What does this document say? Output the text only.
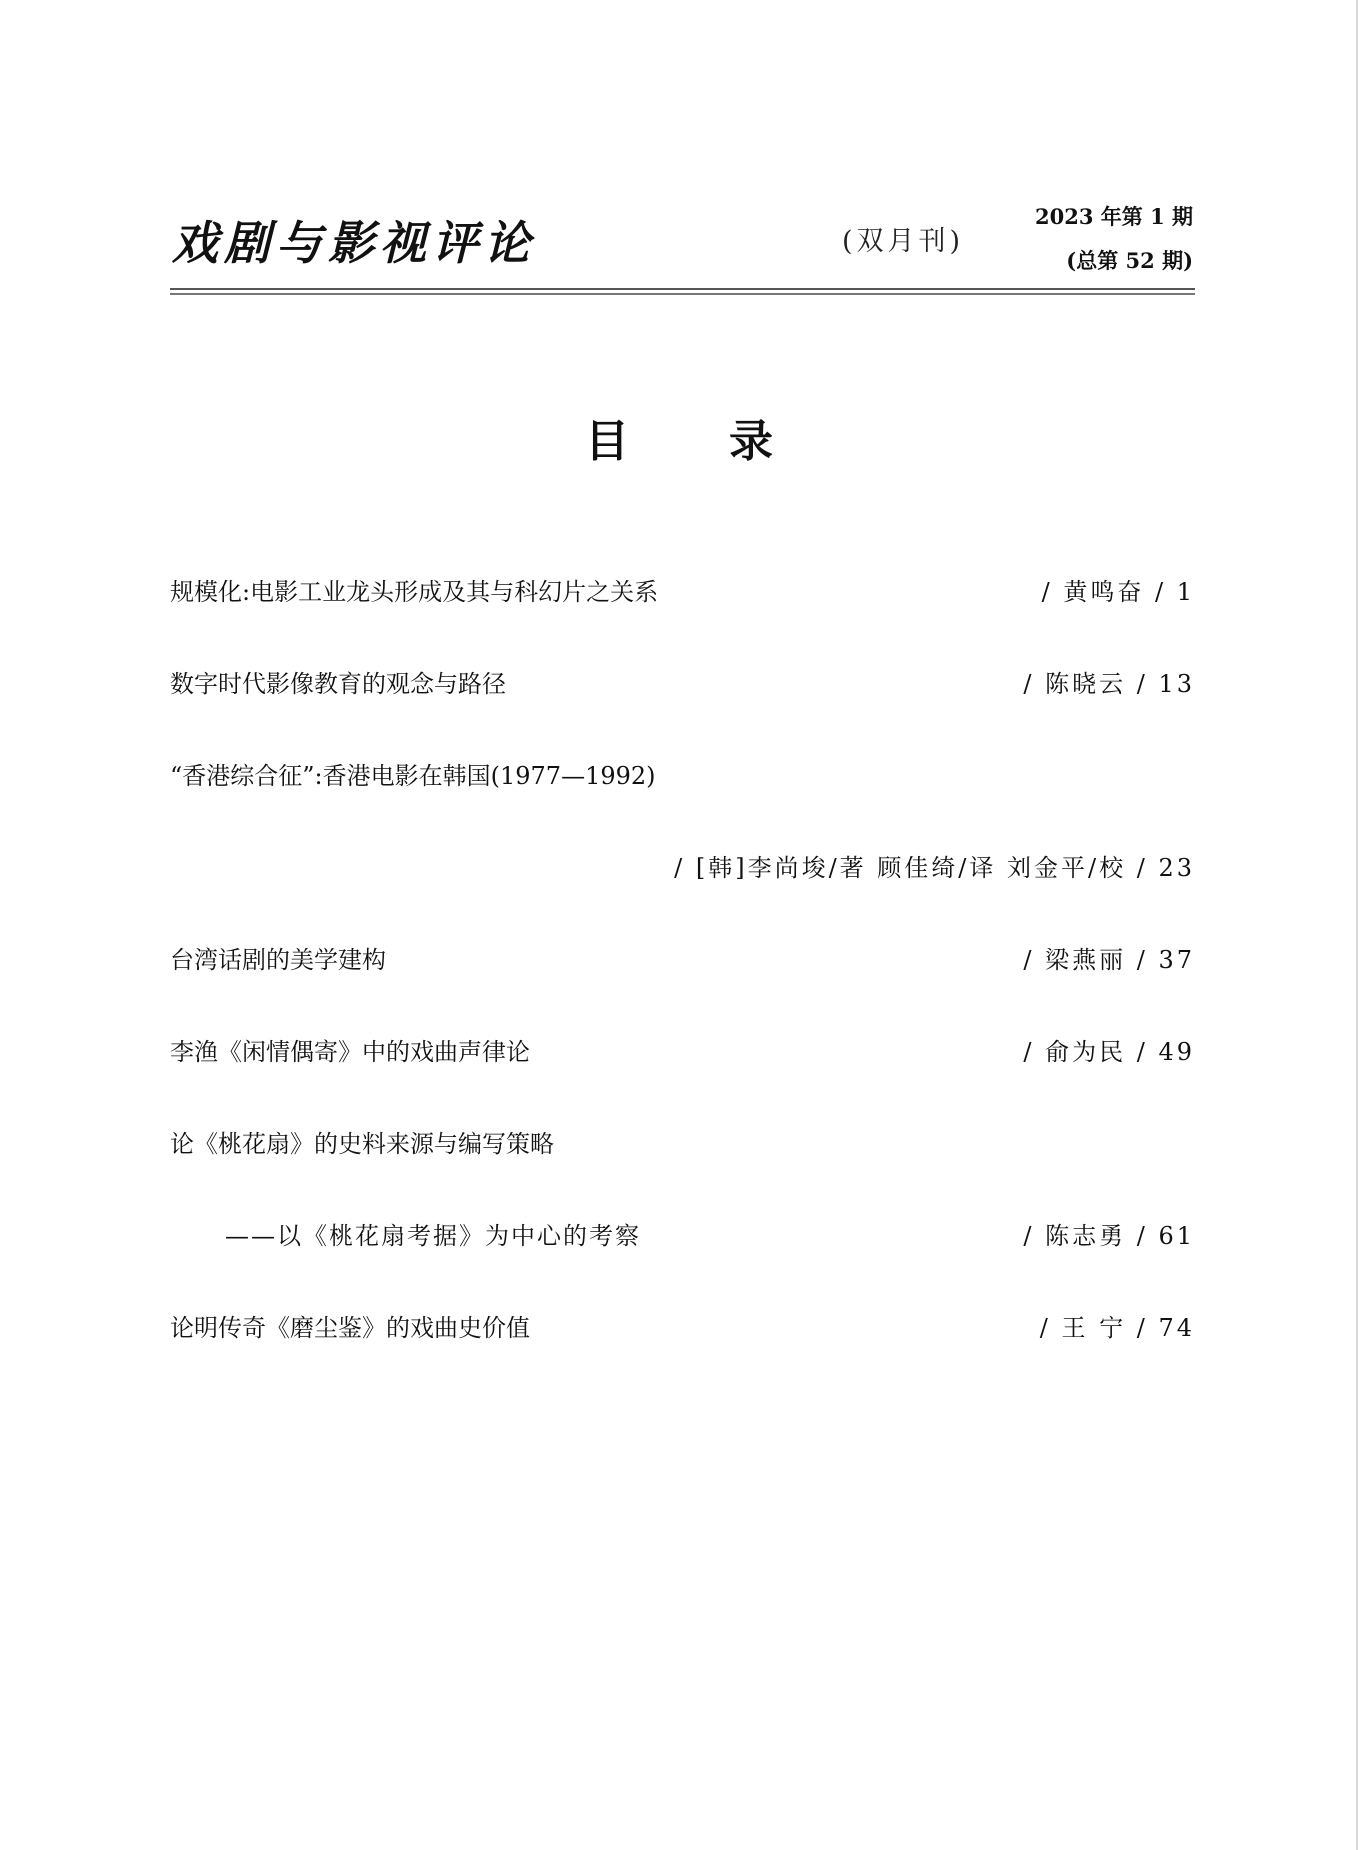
戏剧与影视评论	(双月刊)
2023 年第 1 期
(总第 52 期)
目录
规模化:电影工业龙头形成及其与科幻片之关系	/ 黄鸣奋 / 1
数字时代影像教育的观念与路径	/ 陈晓云 / 13
“香港综合征”:香港电影在韩国(1977—1992)
/ [韩]李尚埈/著 顾佳绮/译 刘金平/校 / 23
台湾话剧的美学建构	/ 梁燕丽 / 37
李渔《闲情偶寄》中的戏曲声律论	/ 俞为民 / 49
论《桃花扇》的史料来源与编写策略
——以《桃花扇考据》为中心的考察	/ 陈志勇 / 61
论明传奇《磨尘鉴》的戏曲史价值	/ 王 宁 / 74
